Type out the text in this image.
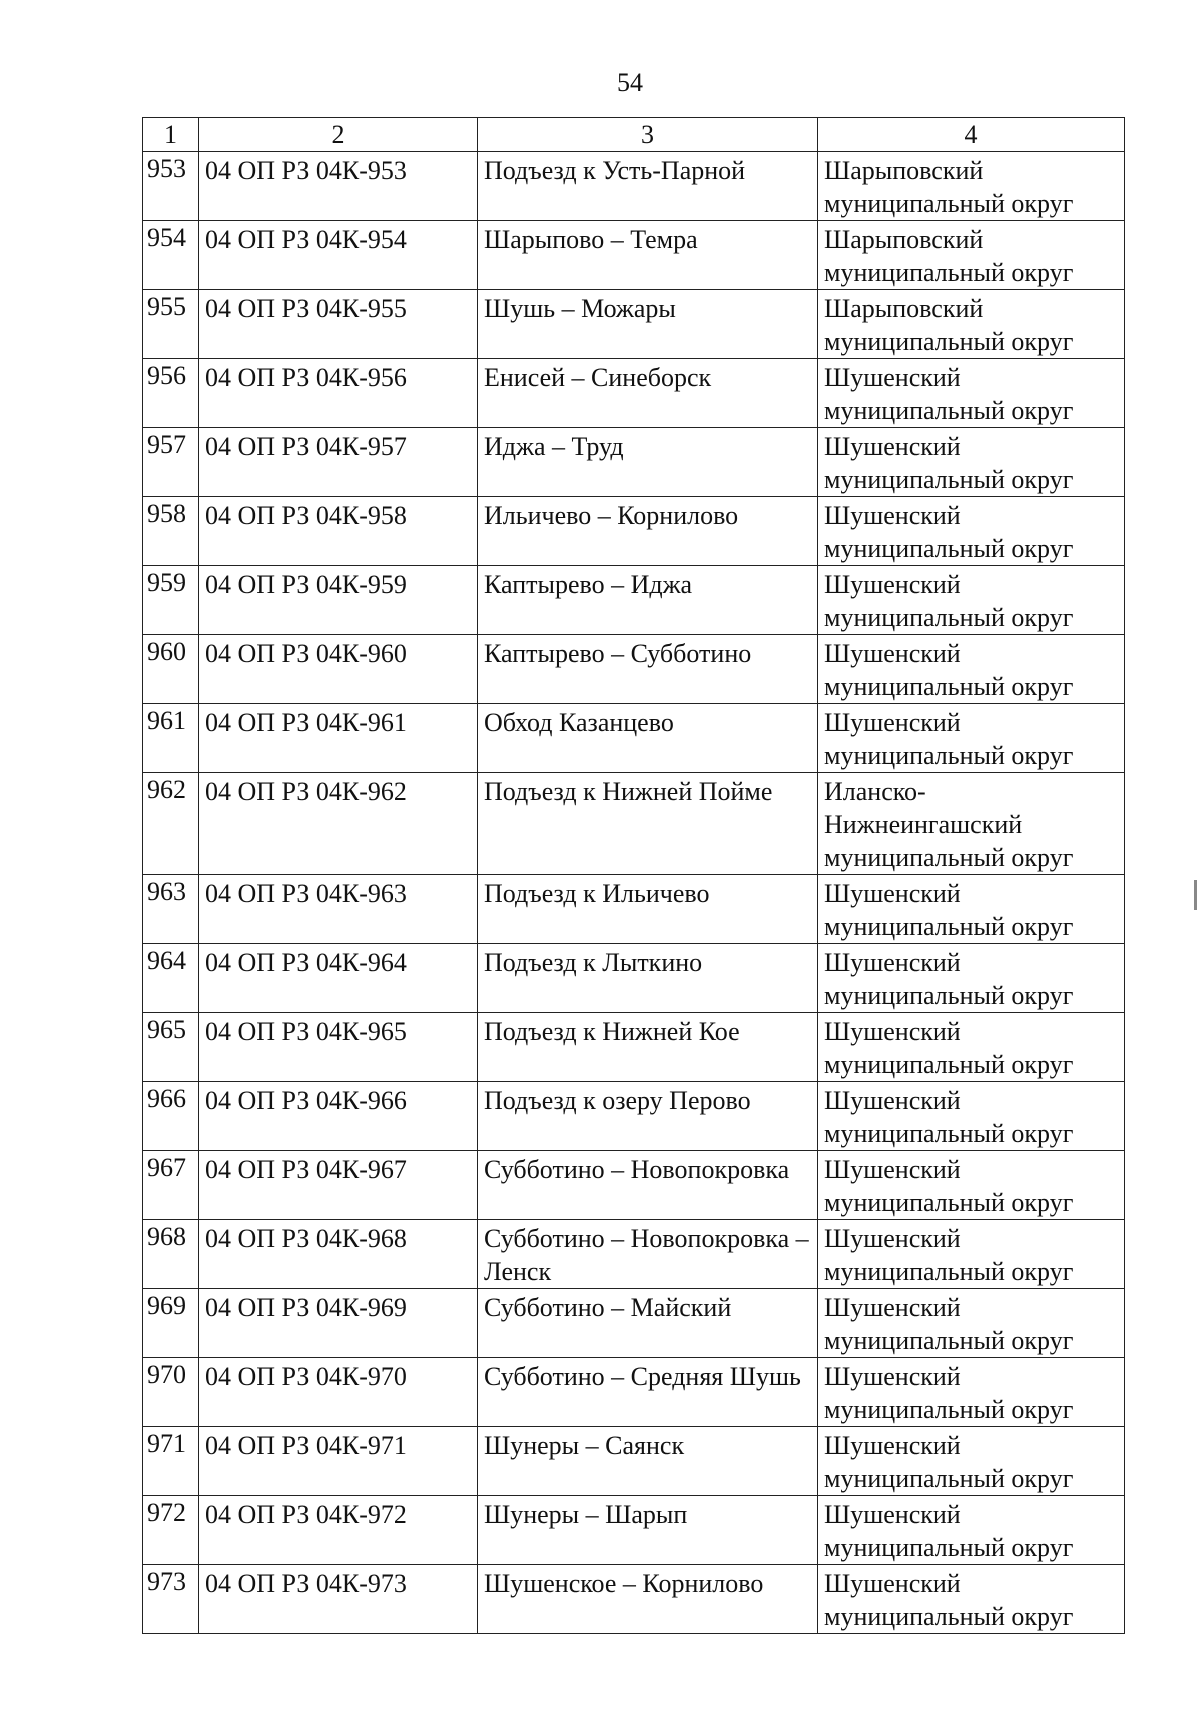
54
1	2	3	4
953	04 ОП РЗ 04К-953	Подъезд к Усть-Парной	Шарыповский муниципальный округ
954	04 ОП РЗ 04К-954	Шарыпово – Темра	Шарыповский муниципальный округ
955	04 ОП РЗ 04К-955	Шушь – Можары	Шарыповский муниципальный округ
956	04 ОП РЗ 04К-956	Енисей – Синеборск	Шушенский муниципальный округ
957	04 ОП РЗ 04К-957	Иджа – Труд	Шушенский муниципальный округ
958	04 ОП РЗ 04К-958	Ильичево – Корнилово	Шушенский муниципальный округ
959	04 ОП РЗ 04К-959	Каптырево – Иджа	Шушенский муниципальный округ
960	04 ОП РЗ 04К-960	Каптырево – Субботино	Шушенский муниципальный округ
961	04 ОП РЗ 04К-961	Обход Казанцево	Шушенский муниципальный округ
962	04 ОП РЗ 04К-962	Подъезд к Нижней Пойме	Иланско-Нижнеингашский муниципальный округ
963	04 ОП РЗ 04К-963	Подъезд к Ильичево	Шушенский муниципальный округ
964	04 ОП РЗ 04К-964	Подъезд к Лыткино	Шушенский муниципальный округ
965	04 ОП РЗ 04К-965	Подъезд к Нижней Кое	Шушенский муниципальный округ
966	04 ОП РЗ 04К-966	Подъезд к озеру Перово	Шушенский муниципальный округ
967	04 ОП РЗ 04К-967	Субботино – Новопокровка	Шушенский муниципальный округ
968	04 ОП РЗ 04К-968	Субботино – Новопокровка – Ленск	Шушенский муниципальный округ
969	04 ОП РЗ 04К-969	Субботино – Майский	Шушенский муниципальный округ
970	04 ОП РЗ 04К-970	Субботино – Средняя Шушь	Шушенский муниципальный округ
971	04 ОП РЗ 04К-971	Шунеры – Саянск	Шушенский муниципальный округ
972	04 ОП РЗ 04К-972	Шунеры – Шарып	Шушенский муниципальный округ
973	04 ОП РЗ 04К-973	Шушенское – Корнилово	Шушенский муниципальный округ
